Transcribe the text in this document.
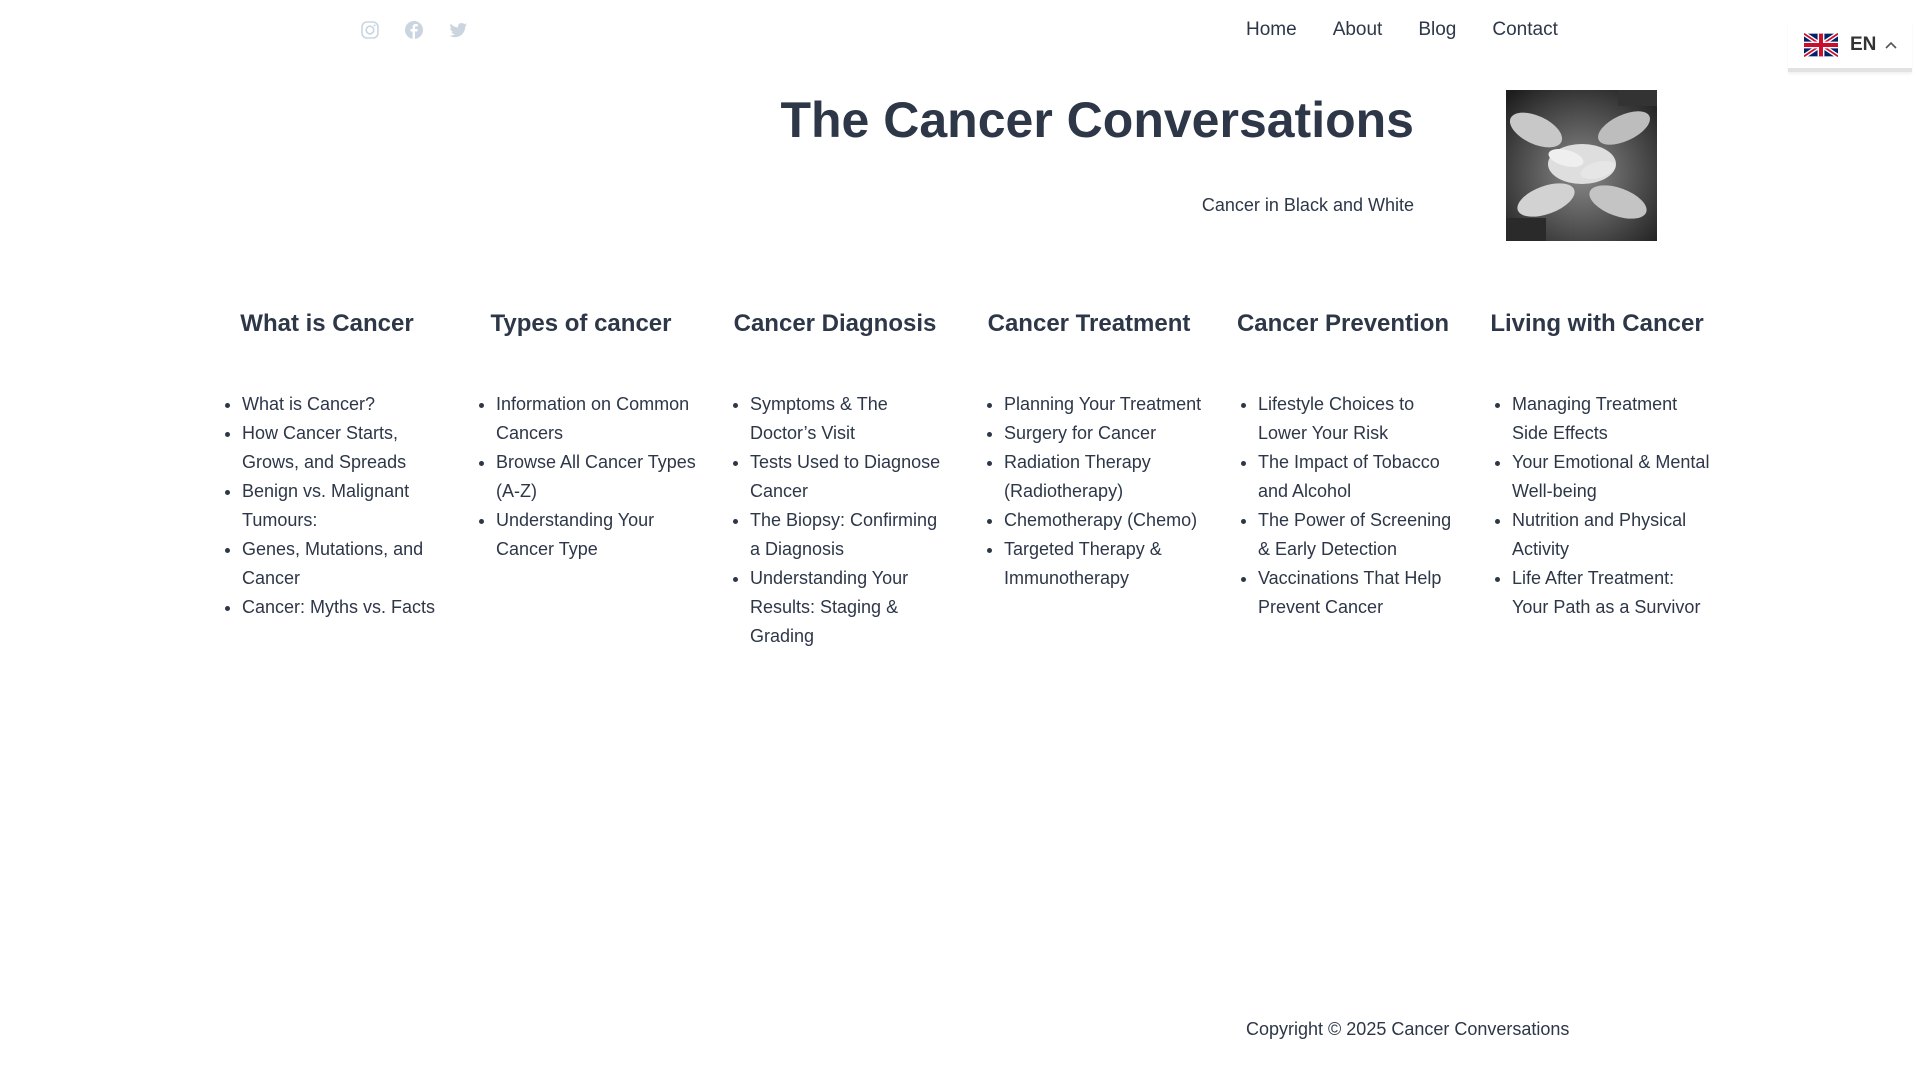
Home About Blog Contact
EN
The Cancer Conversations
Cancer in Black and White
What is Cancer
• What is Cancer?
• How Cancer Starts, Grows, and Spreads
• Benign vs. Malignant Tumours:
• Genes, Mutations, and Cancer
• Cancer: Myths vs. Facts
Types of cancer
• Information on Common Cancers
• Browse All Cancer Types (A-Z)
• Understanding Your Cancer Type
Cancer Diagnosis
• Symptoms & The Doctor’s Visit
• Tests Used to Diagnose Cancer
• The Biopsy: Confirming a Diagnosis
• Understanding Your Results: Staging & Grading
Cancer Treatment
• Planning Your Treatment
• Surgery for Cancer
• Radiation Therapy (Radiotherapy)
• Chemotherapy (Chemo)
• Targeted Therapy & Immunotherapy
Cancer Prevention
• Lifestyle Choices to Lower Your Risk
• The Impact of Tobacco and Alcohol
• The Power of Screening & Early Detection
• Vaccinations That Help Prevent Cancer
Living with Cancer
• Managing Treatment Side Effects
• Your Emotional & Mental Well-being
• Nutrition and Physical Activity
• Life After Treatment: Your Path as a Survivor
Copyright © 2025 Cancer Conversations
